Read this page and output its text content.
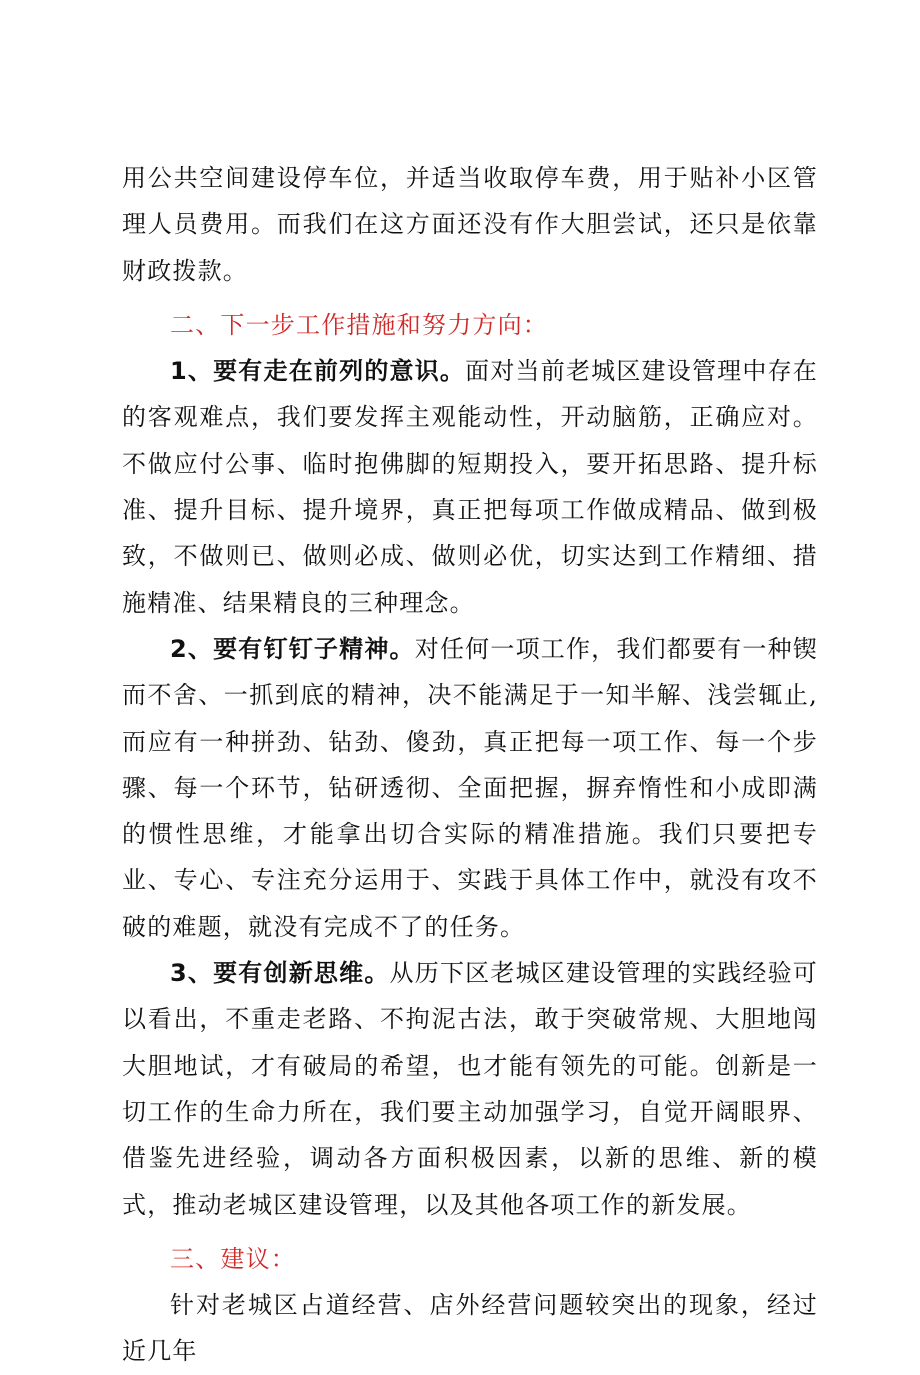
用公共空间建设停车位，并适当收取停车费，用于贴补小区管理人员费用。而我们在这方面还没有作大胆尝试，还只是依靠财政拨款。

二、下一步工作措施和努力方向：

1、要有走在前列的意识。面对当前老城区建设管理中存在的客观难点，我们要发挥主观能动性，开动脑筋，正确应对。不做应付公事、临时抱佛脚的短期投入，要开拓思路、提升标准、提升目标、提升境界，真正把每项工作做成精品、做到极致，不做则已、做则必成、做则必优，切实达到工作精细、措施精准、结果精良的三种理念。

2、要有钉钉子精神。对任何一项工作，我们都要有一种锲而不舍、一抓到底的精神，决不能满足于一知半解、浅尝辄止,而应有一种拼劲、钻劲、傻劲，真正把每一项工作、每一个步骤、每一个环节，钻研透彻、全面把握，摒弃惰性和小成即满的惯性思维，才能拿出切合实际的精准措施。我们只要把专业、专心、专注充分运用于、实践于具体工作中，就没有攻不破的难题，就没有完成不了的任务。

3、要有创新思维。从历下区老城区建设管理的实践经验可以看出，不重走老路、不拘泥古法，敢于突破常规、大胆地闯大胆地试，才有破局的希望，也才能有领先的可能。创新是一切工作的生命力所在，我们要主动加强学习，自觉开阔眼界、借鉴先进经验，调动各方面积极因素，以新的思维、新的模式，推动老城区建设管理，以及其他各项工作的新发展。

三、建议：

针对老城区占道经营、店外经营问题较突出的现象，经过近几年
